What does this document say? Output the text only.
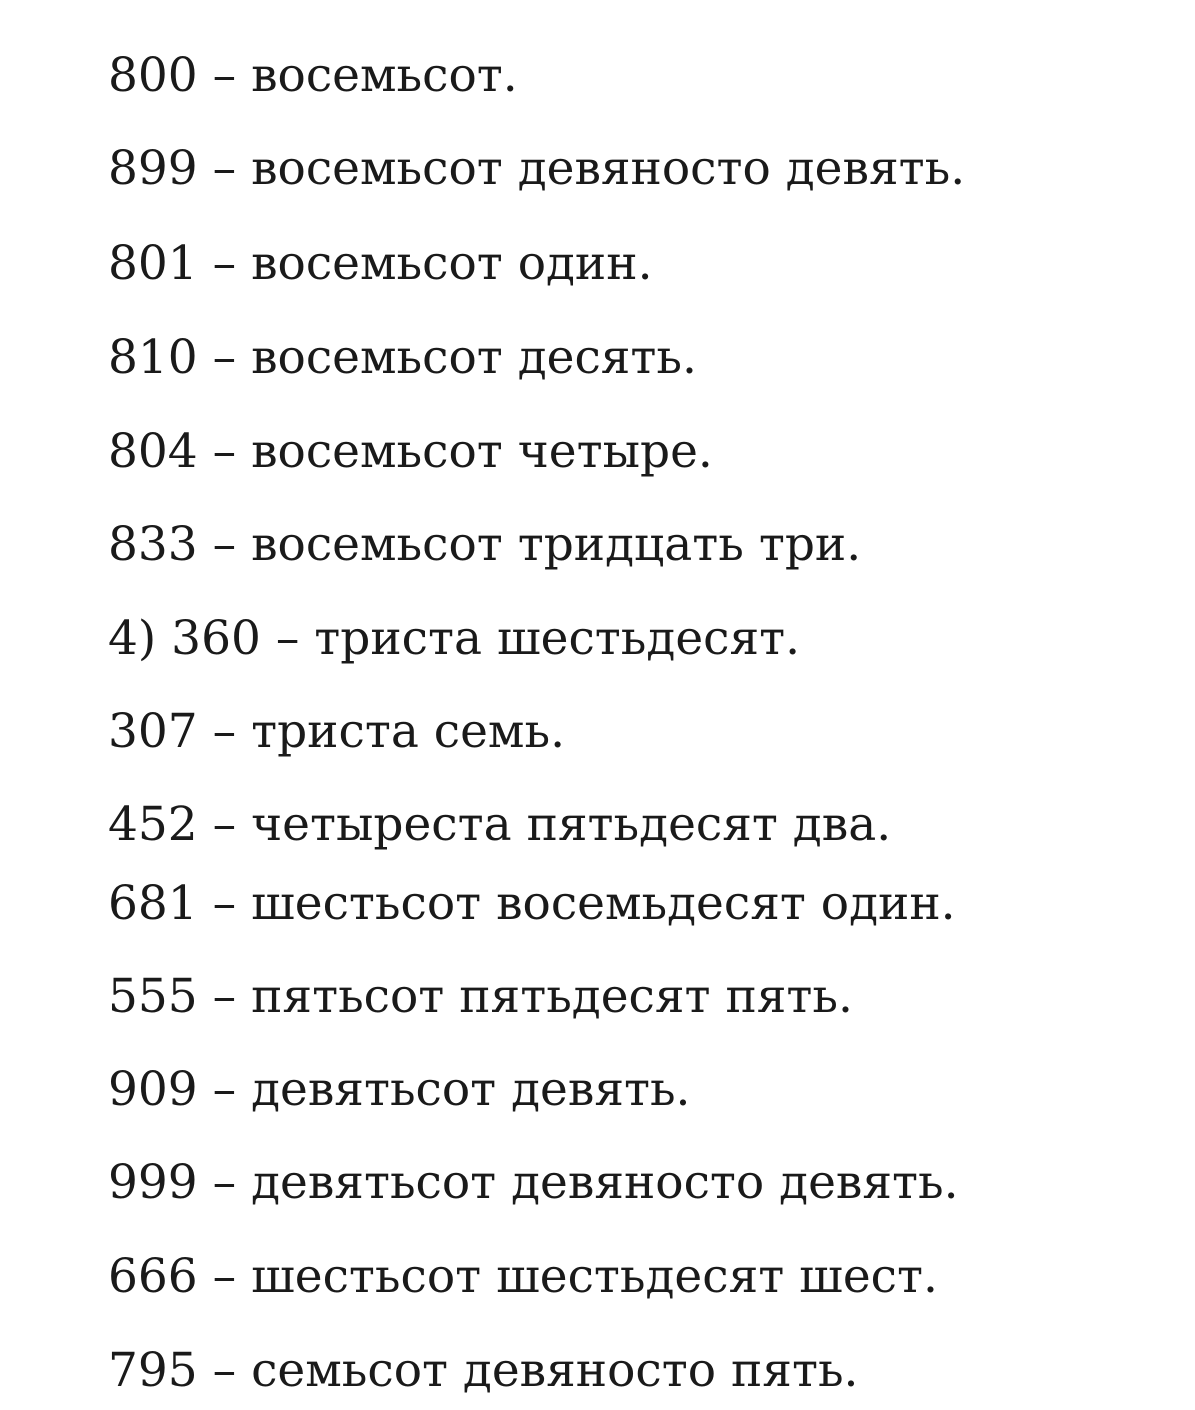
800 – восемьсот.
899 – восемьсот девяносто девять.
801 – восемьсот один.
810 – восемьсот десять.
804 – восемьсот четыре.
833 – восемьсот тридцать три.
4) 360 – триста шестьдесят.
307 – триста семь.
452 – четыреста пятьдесят два.
681 – шестьсот восемьдесят один.
555 – пятьсот пятьдесят пять.
909 – девятьсот девять.
999 – девятьсот девяносто девять.
666 – шестьсот шестьдесят шест.
795 – семьсот девяносто пять.
